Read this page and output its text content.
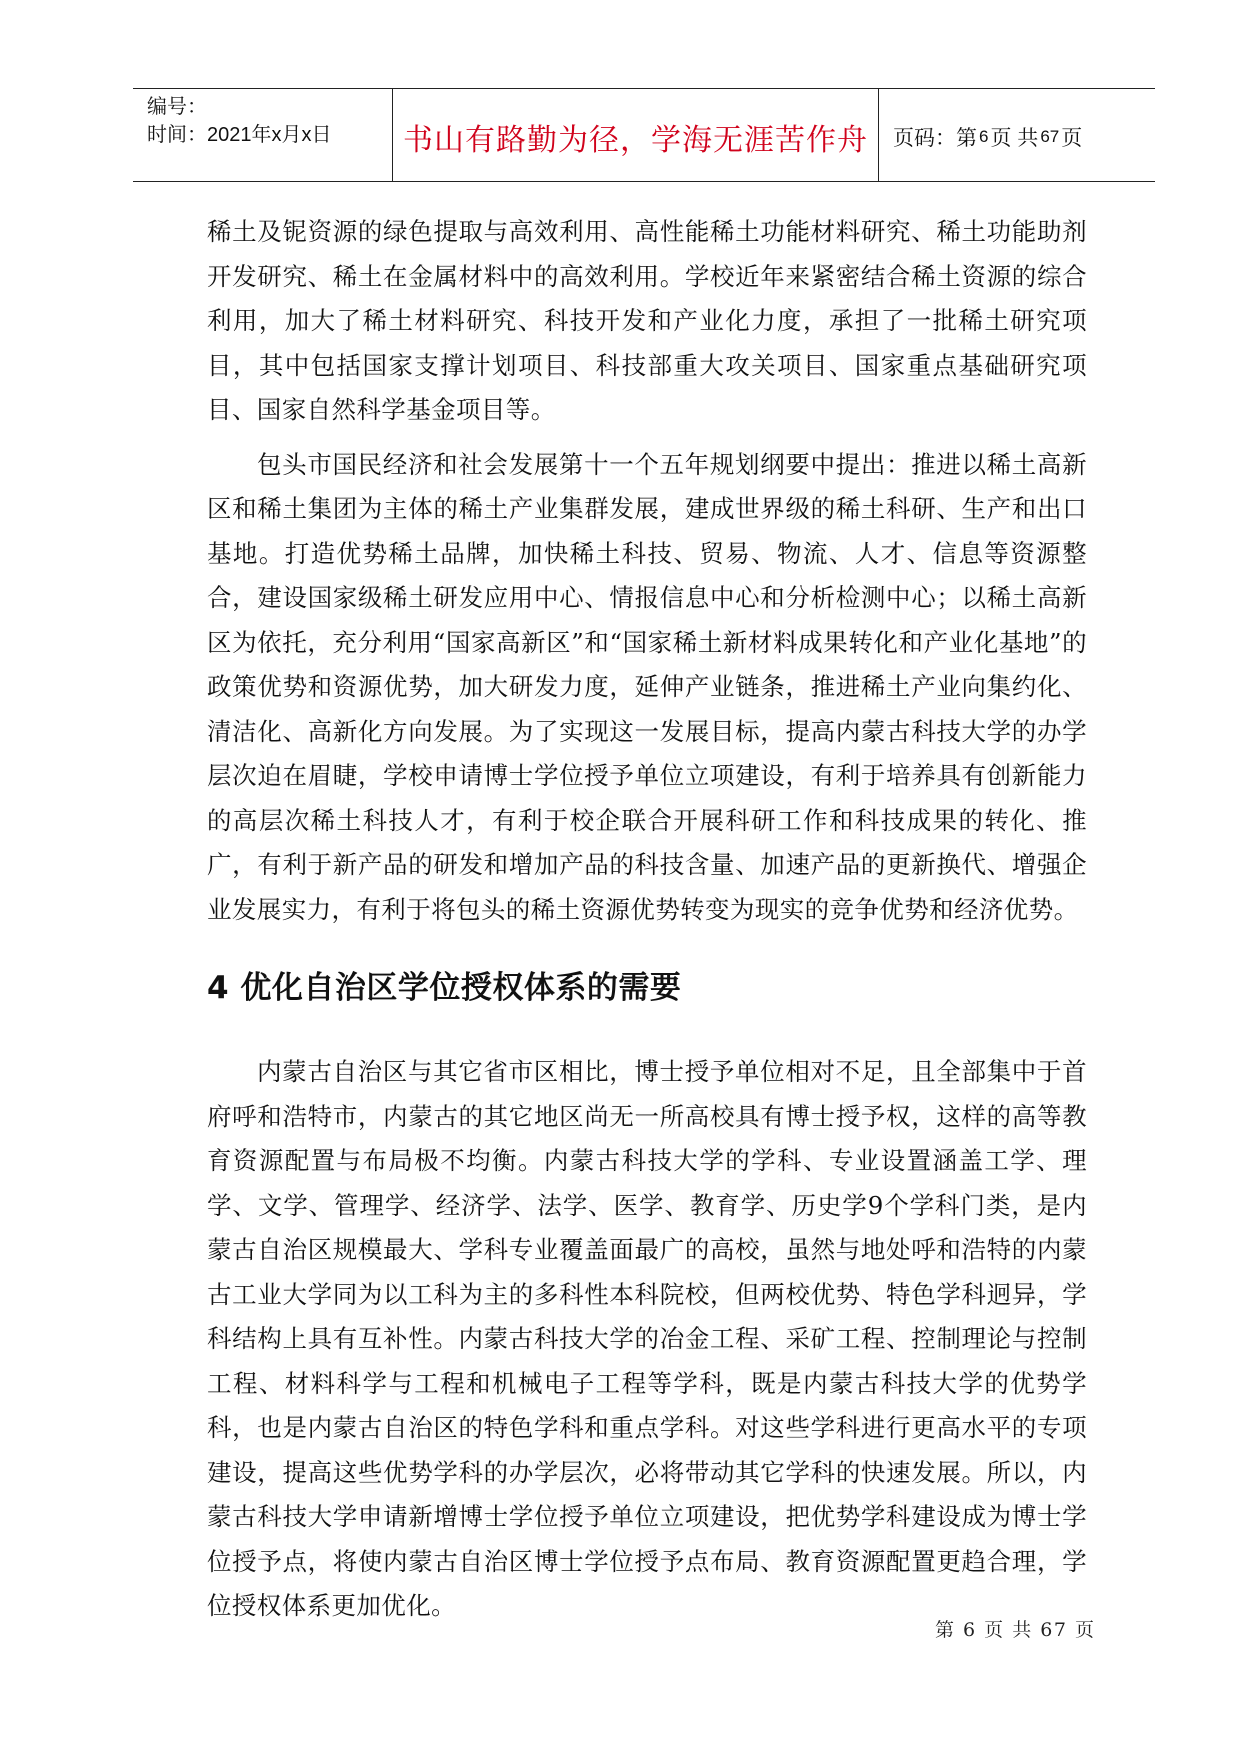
编号：
时间：2021年x月x日	书山有路勤为径，学海无涯苦作舟	页码：第 6 页 共 67 页

稀土及铌资源的绿色提取与高效利用、高性能稀土功能材料研究、稀土功能助剂开发研究、稀土在金属材料中的高效利用。学校近年来紧密结合稀土资源的综合利用，加大了稀土材料研究、科技开发和产业化力度，承担了一批稀土研究项目，其中包括国家支撑计划项目、科技部重大攻关项目、国家重点基础研究项目、国家自然科学基金项目等。

包头市国民经济和社会发展第十一个五年规划纲要中提出：推进以稀土高新区和稀土集团为主体的稀土产业集群发展，建成世界级的稀土科研、生产和出口基地。打造优势稀土品牌，加快稀土科技、贸易、物流、人才、信息等资源整合，建设国家级稀土研发应用中心、情报信息中心和分析检测中心；以稀土高新区为依托，充分利用“国家高新区”和“国家稀土新材料成果转化和产业化基地”的政策优势和资源优势，加大研发力度，延伸产业链条，推进稀土产业向集约化、清洁化、高新化方向发展。为了实现这一发展目标，提高内蒙古科技大学的办学层次迫在眉睫，学校申请博士学位授予单位立项建设，有利于培养具有创新能力的高层次稀土科技人才，有利于校企联合开展科研工作和科技成果的转化、推广，有利于新产品的研发和增加产品的科技含量、加速产品的更新换代、增强企业发展实力，有利于将包头的稀土资源优势转变为现实的竞争优势和经济优势。

4 优化自治区学位授权体系的需要

内蒙古自治区与其它省市区相比，博士授予单位相对不足，且全部集中于首府呼和浩特市，内蒙古的其它地区尚无一所高校具有博士授予权，这样的高等教育资源配置与布局极不均衡。内蒙古科技大学的学科、专业设置涵盖工学、理学、文学、管理学、经济学、法学、医学、教育学、历史学9个学科门类，是内蒙古自治区规模最大、学科专业覆盖面最广的高校，虽然与地处呼和浩特的内蒙古工业大学同为以工科为主的多科性本科院校，但两校优势、特色学科迥异，学科结构上具有互补性。内蒙古科技大学的冶金工程、采矿工程、控制理论与控制工程、材料科学与工程和机械电子工程等学科，既是内蒙古科技大学的优势学科，也是内蒙古自治区的特色学科和重点学科。对这些学科进行更高水平的专项建设，提高这些优势学科的办学层次，必将带动其它学科的快速发展。所以，内蒙古科技大学申请新增博士学位授予单位立项建设，把优势学科建设成为博士学位授予点，将使内蒙古自治区博士学位授予点布局、教育资源配置更趋合理，学位授权体系更加优化。

第 6 页 共 67 页
